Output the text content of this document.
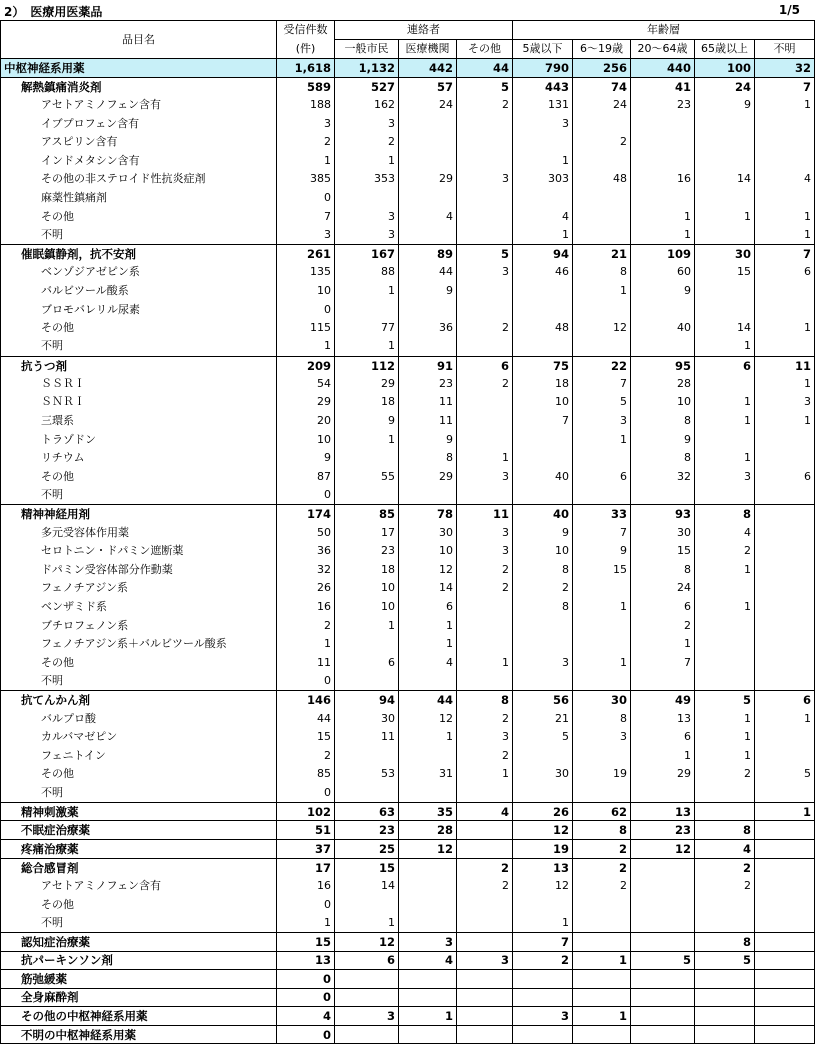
2）　医療用医薬品	1/5
品目名	受信件数	連絡者			年齢層				
	(件)	一般市民	医療機関	その他	5歳以下	6～19歳	20～64歳	65歳以上	不明
中枢神経系用薬	1,618	1,132	442	44	790	256	440	100	32
解熱鎮痛消炎剤	589	527	57	5	443	74	41	24	7
アセトアミノフェン含有	188	162	24	2	131	24	23	9	1
イブプロフェン含有	3	3			3				
アスピリン含有	2	2				2			
インドメタシン含有	1	1			1				
その他の非ステロイド性抗炎症剤	385	353	29	3	303	48	16	14	4
麻薬性鎮痛剤	0								
その他	7	3	4		4		1	1	1
不明	3	3			1		1		1
催眠鎮静剤，抗不安剤	261	167	89	5	94	21	109	30	7
ベンゾジアゼピン系	135	88	44	3	46	8	60	15	6
バルビツール酸系	10	1	9			1	9		
ブロモバレリル尿素	0								
その他	115	77	36	2	48	12	40	14	1
不明	1	1						1	
抗うつ剤	209	112	91	6	75	22	95	6	11
ＳＳＲＩ	54	29	23	2	18	7	28		1
ＳＮＲＩ	29	18	11		10	5	10	1	3
三環系	20	9	11		7	3	8	1	1
トラゾドン	10	1	9			1	9		
リチウム	9		8	1			8	1	
その他	87	55	29	3	40	6	32	3	6
不明	0								
精神神経用剤	174	85	78	11	40	33	93	8	
多元受容体作用薬	50	17	30	3	9	7	30	4	
セロトニン・ドパミン遮断薬	36	23	10	3	10	9	15	2	
ドパミン受容体部分作動薬	32	18	12	2	8	15	8	1	
フェノチアジン系	26	10	14	2	2		24		
ベンザミド系	16	10	6		8	1	6	1	
ブチロフェノン系	2	1	1				2		
フェノチアジン系＋バルビツール酸系	1		1				1		
その他	11	6	4	1	3	1	7		
不明	0								
抗てんかん剤	146	94	44	8	56	30	49	5	6
バルプロ酸	44	30	12	2	21	8	13	1	1
カルバマゼピン	15	11	1	3	5	3	6	1	
フェニトイン	2			2			1	1	
その他	85	53	31	1	30	19	29	2	5
不明	0								
精神刺激薬	102	63	35	4	26	62	13		1
不眠症治療薬	51	23	28		12	8	23	8	
疼痛治療薬	37	25	12		19	2	12	4	
総合感冒剤	17	15		2	13	2		2	
アセトアミノフェン含有	16	14		2	12	2		2	
その他	0								
不明	1	1			1				
認知症治療薬	15	12	3		7			8	
抗パーキンソン剤	13	6	4	3	2	1	5	5	
筋弛緩薬	0								
全身麻酔剤	0								
その他の中枢神経系用薬	4	3	1		3	1			
不明の中枢神経系用薬	0								
